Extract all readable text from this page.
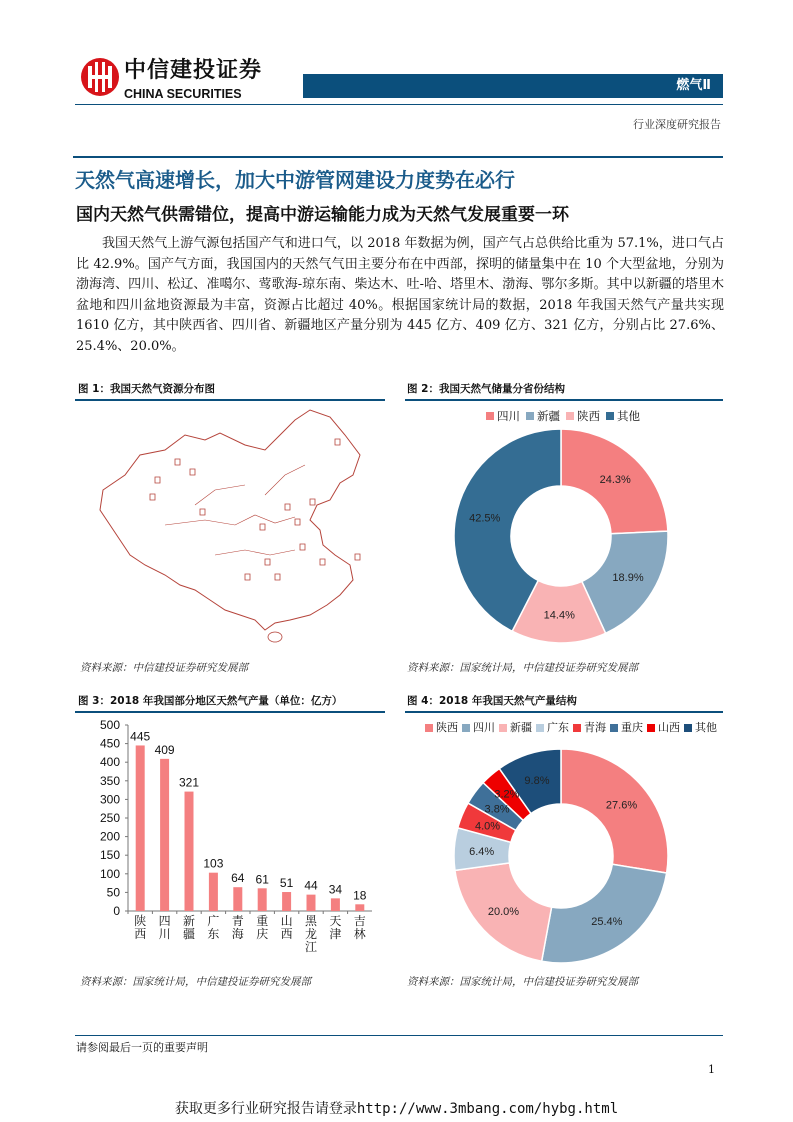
中信建投证券
CHINA SECURITIES
燃气Ⅱ
行业深度研究报告
天然气高速增长，加大中游管网建设力度势在必行
国内天然气供需错位，提高中游运输能力成为天然气发展重要一环
我国天然气上游气源包括国产气和进口气，以 2018 年数据为例，国产气占总供给比重为 57.1%，进口气占比 42.9%。国产气方面，我国国内的天然气气田主要分布在中西部，探明的储量集中在 10 个大型盆地，分别为渤海湾、四川、松辽、准噶尔、莺歌海-琼东南、柴达木、吐-哈、塔里木、渤海、鄂尔多斯。其中以新疆的塔里木盆地和四川盆地资源最为丰富，资源占比超过 40%。根据国家统计局的数据，2018 年我国天然气产量共实现 1610 亿方，其中陕西省、四川省、新疆地区产量分别为 445 亿方、409 亿方、321 亿方，分别占比 27.6%、25.4%、20.0%。
图 1：我国天然气资源分布图
资料来源：中信建投证券研究发展部
图 2：我国天然气储量分省份结构
四川 新疆 陕西 其他
24.3%
18.9%
14.4%
42.5%
资料来源：国家统计局，中信建投证券研究发展部
图 3：2018 年我国部分地区天然气产量（单位：亿方）
0
50
100
150
200
250
300
350
400
450
500
445
陕西
409
四川
321
新疆
103
广东
64
青海
61
重庆
51
山西
44
黑龙江
34
天津
18
吉林
资料来源：国家统计局，中信建投证券研究发展部
图 4：2018 年我国天然气产量结构
陕西 四川 新疆 广东 青海 重庆 山西 其他
27.6%
25.4%
20.0%
6.4%
4.0%
3.8%
3.2%
9.8%
资料来源：国家统计局，中信建投证券研究发展部
请参阅最后一页的重要声明
1
获取更多行业研究报告请登录http://www.3mbang.com/hybg.html
